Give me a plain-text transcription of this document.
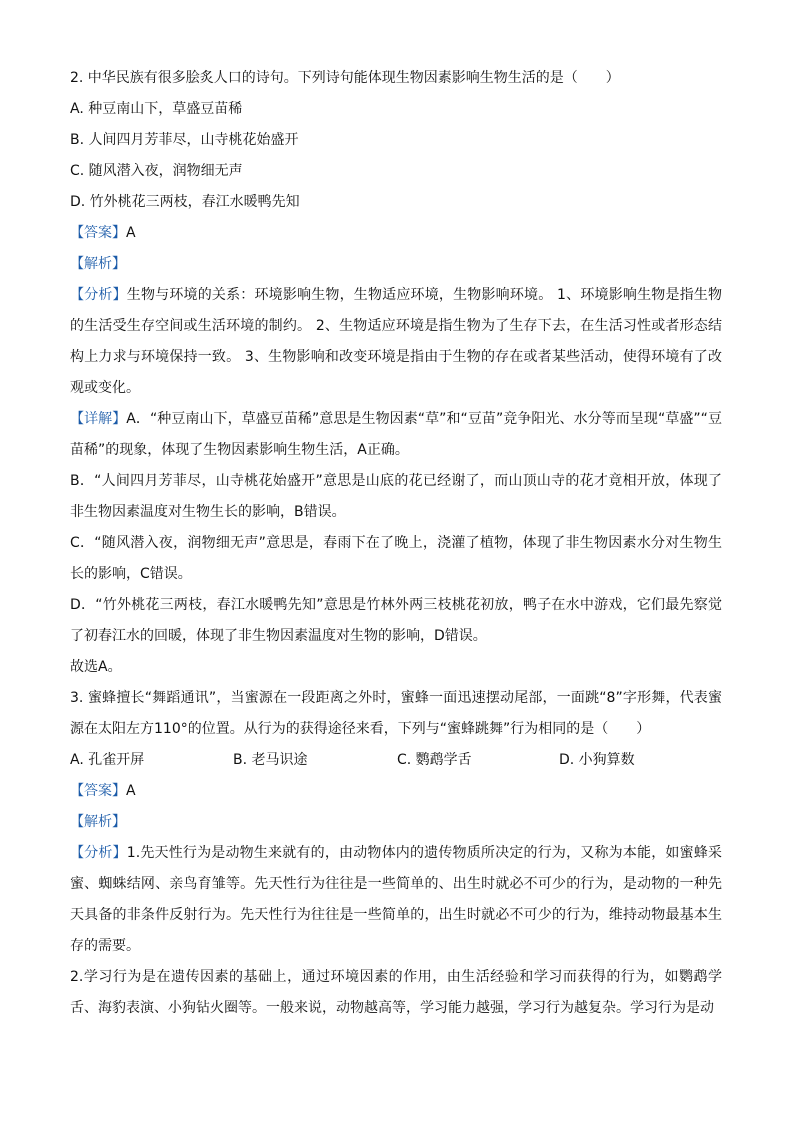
2. 中华民族有很多脍炙人口的诗句。下列诗句能体现生物因素影响生物生活的是（　　）
A. 种豆南山下，草盛豆苗稀
B. 人间四月芳菲尽，山寺桃花始盛开
C. 随风潜入夜，润物细无声
D. 竹外桃花三两枝，春江水暖鸭先知
【答案】A
【解析】
【分析】生物与环境的关系：环境影响生物，生物适应环境，生物影响环境。 1、环境影响生物是指生物的生活受生存空间或生活环境的制约。 2、生物适应环境是指生物为了生存下去，在生活习性或者形态结构上力求与环境保持一致。 3、生物影响和改变环境是指由于生物的存在或者某些活动，使得环境有了改观或变化。
【详解】A．“种豆南山下，草盛豆苗稀”意思是生物因素“草”和“豆苗”竞争阳光、水分等而呈现“草盛”“豆苗稀”的现象，体现了生物因素影响生物生活，A正确。
B．“人间四月芳菲尽，山寺桃花始盛开”意思是山底的花已经谢了，而山顶山寺的花才竟相开放，体现了非生物因素温度对生物生长的影响，B错误。
C．“随风潜入夜，润物细无声”意思是，春雨下在了晚上，浇灌了植物，体现了非生物因素水分对生物生长的影响，C错误。
D．“竹外桃花三两枝，春江水暖鸭先知”意思是竹林外两三枝桃花初放，鸭子在水中游戏，它们最先察觉了初春江水的回暖，体现了非生物因素温度对生物的影响，D错误。
故选A。
3. 蜜蜂擅长“舞蹈通讯”，当蜜源在一段距离之外时，蜜蜂一面迅速摆动尾部，一面跳“8”字形舞，代表蜜源在太阳左方110°的位置。从行为的获得途径来看，下列与“蜜蜂跳舞”行为相同的是（　　）
A. 孔雀开屏	B. 老马识途	C. 鹦鹉学舌	D. 小狗算数
【答案】A
【解析】
【分析】1.先天性行为是动物生来就有的，由动物体内的遗传物质所决定的行为，又称为本能，如蜜蜂采蜜、蜘蛛结网、亲鸟育雏等。先天性行为往往是一些简单的、出生时就必不可少的行为，是动物的一种先天具备的非条件反射行为。先天性行为往往是一些简单的，出生时就必不可少的行为，维持动物最基本生存的需要。
2.学习行为是在遗传因素的基础上，通过环境因素的作用，由生活经验和学习而获得的行为，如鹦鹉学舌、海豹表演、小狗钻火圈等。一般来说，动物越高等，学习能力越强，学习行为越复杂。学习行为是动
